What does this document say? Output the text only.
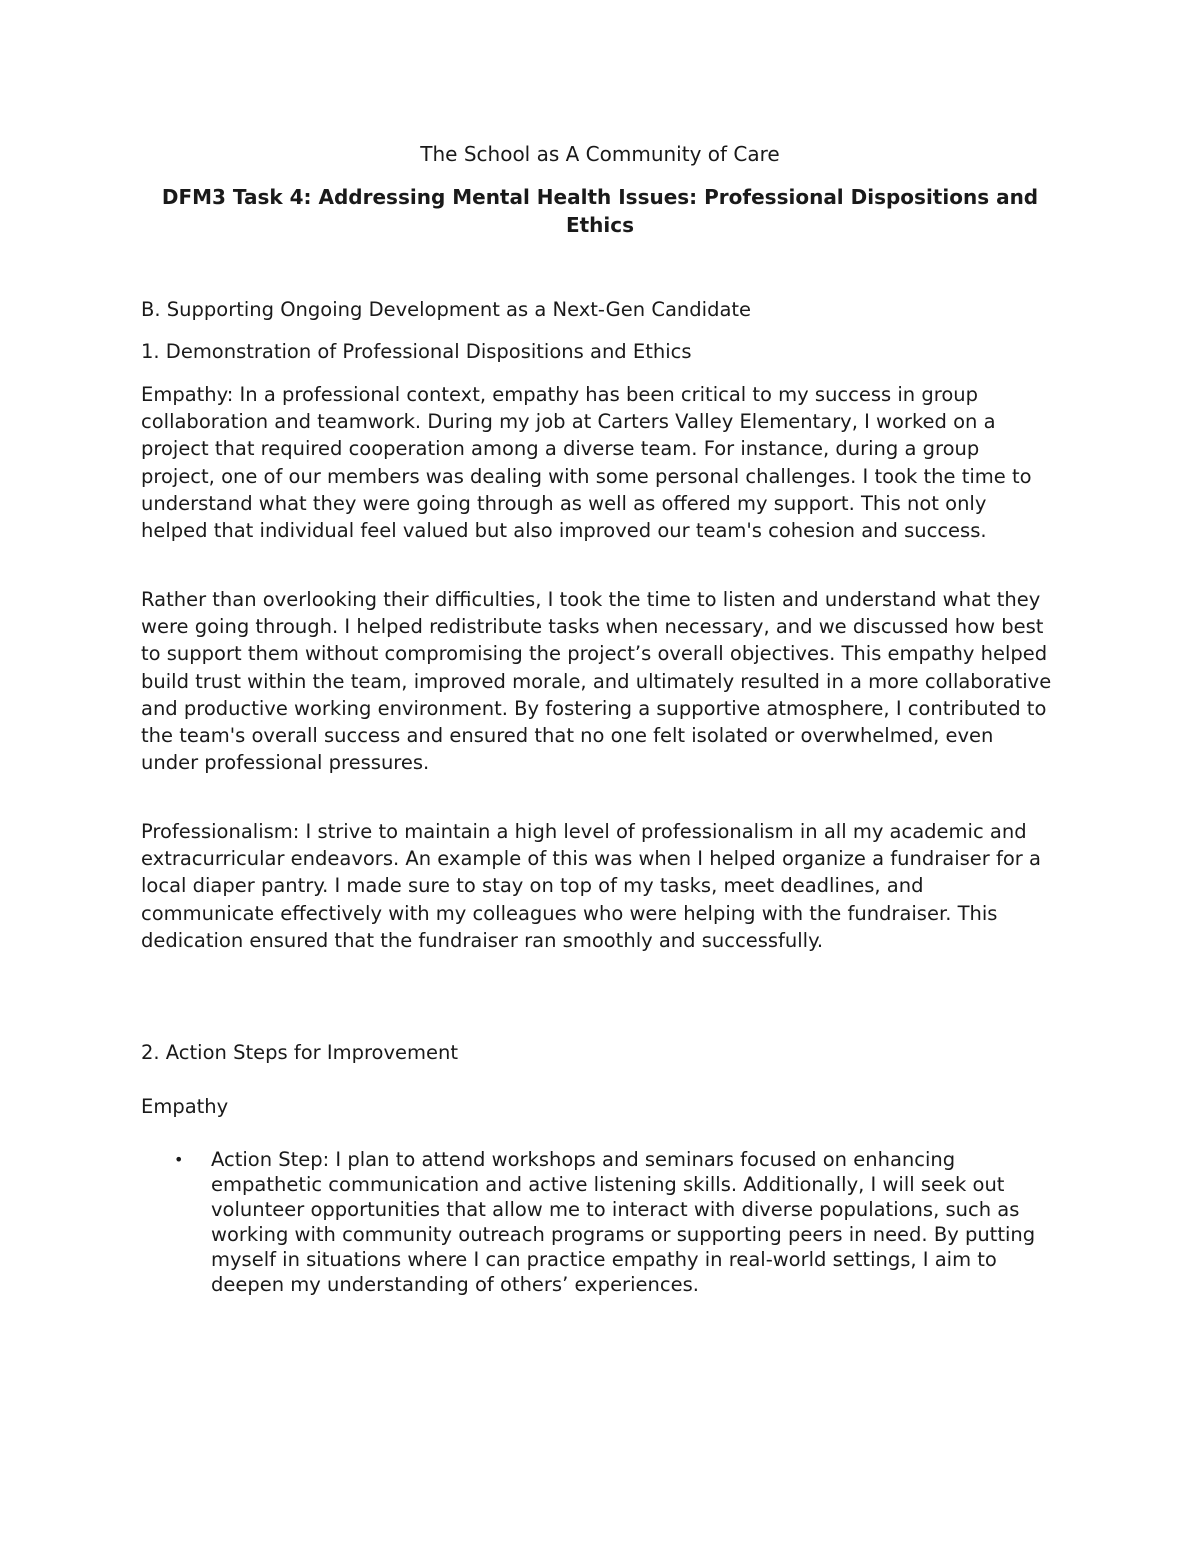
The School as A Community of Care
DFM3 Task 4: Addressing Mental Health Issues: Professional Dispositions and Ethics

B. Supporting Ongoing Development as a Next-Gen Candidate

1. Demonstration of Professional Dispositions and Ethics

Empathy: In a professional context, empathy has been critical to my success in group collaboration and teamwork. During my job at Carters Valley Elementary, I worked on a project that required cooperation among a diverse team. For instance, during a group project, one of our members was dealing with some personal challenges. I took the time to understand what they were going through as well as offered my support. This not only helped that individual feel valued but also improved our team's cohesion and success.

Rather than overlooking their difficulties, I took the time to listen and understand what they were going through. I helped redistribute tasks when necessary, and we discussed how best to support them without compromising the project’s overall objectives. This empathy helped build trust within the team, improved morale, and ultimately resulted in a more collaborative and productive working environment. By fostering a supportive atmosphere, I contributed to the team's overall success and ensured that no one felt isolated or overwhelmed, even under professional pressures.

Professionalism: I strive to maintain a high level of professionalism in all my academic and extracurricular endeavors. An example of this was when I helped organize a fundraiser for a local diaper pantry. I made sure to stay on top of my tasks, meet deadlines, and communicate effectively with my colleagues who were helping with the fundraiser. This dedication ensured that the fundraiser ran smoothly and successfully.

2. Action Steps for Improvement

Empathy

• Action Step: I plan to attend workshops and seminars focused on enhancing empathetic communication and active listening skills. Additionally, I will seek out volunteer opportunities that allow me to interact with diverse populations, such as working with community outreach programs or supporting peers in need. By putting myself in situations where I can practice empathy in real-world settings, I aim to deepen my understanding of others’ experiences.
